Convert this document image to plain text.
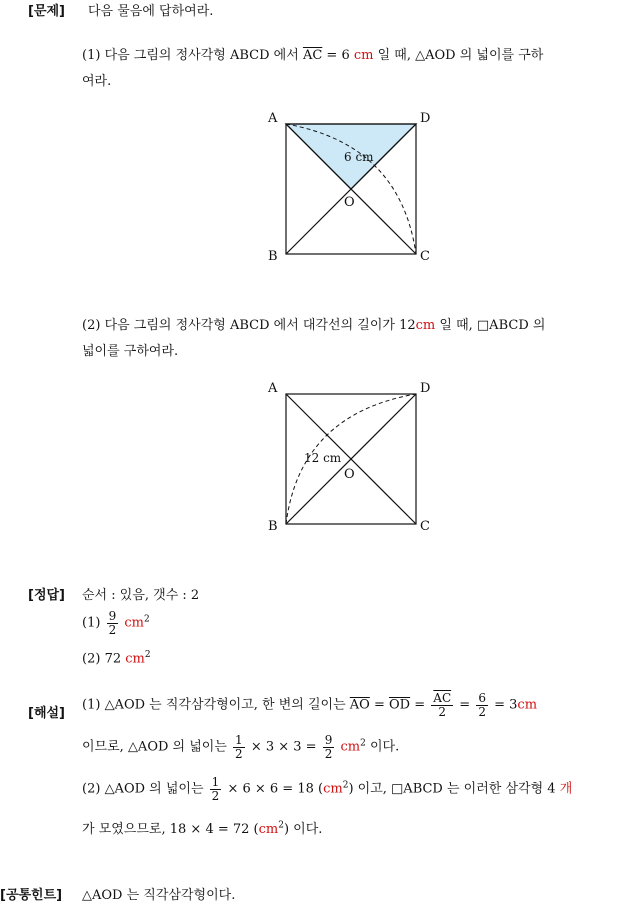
[문제] 다음 물음에 답하여라.
(1) 다음 그림의 정사각형 ABCD 에서 $\overline{AC} = 6$ cm 일 때, △AOD 의 넓이를 구하
여라.
A	D
B	C
O
6 cm
(2) 다음 그림의 정사각형 ABCD 에서 대각선의 길이가 12cm 일 때, □ABCD 의
넓이를 구하여라.
A	D
B	C
O
12 cm
[정답] 순서 : 있음, 갯수 : 2
$(1) \frac{9}{2} cm^2$
(2) 72 $cm^2$
[해설]
(1) △AOD 는 직각삼각형이고, 한 변의 길이는 $\overline{AO} = \overline{OD} = \frac{\overline{AC}}{2} = \frac{6}{2} = 3cm$
이므로, △AOD 의 넓이는 $\frac{1}{2} \times 3 \times 3 = \frac{9}{2} cm^2$ 이다.
(2) △AOD 의 넓이는 $\frac{1}{2} \times 6 \times 6 = 18$ $(cm^2)$ 이고, □ABCD 는 이러한 삼각형 4 개
가 모였으므로, 18 × 4 = 72 $(cm^2)$ 이다.
[공통힌트] △AOD 는 직각삼각형이다.
